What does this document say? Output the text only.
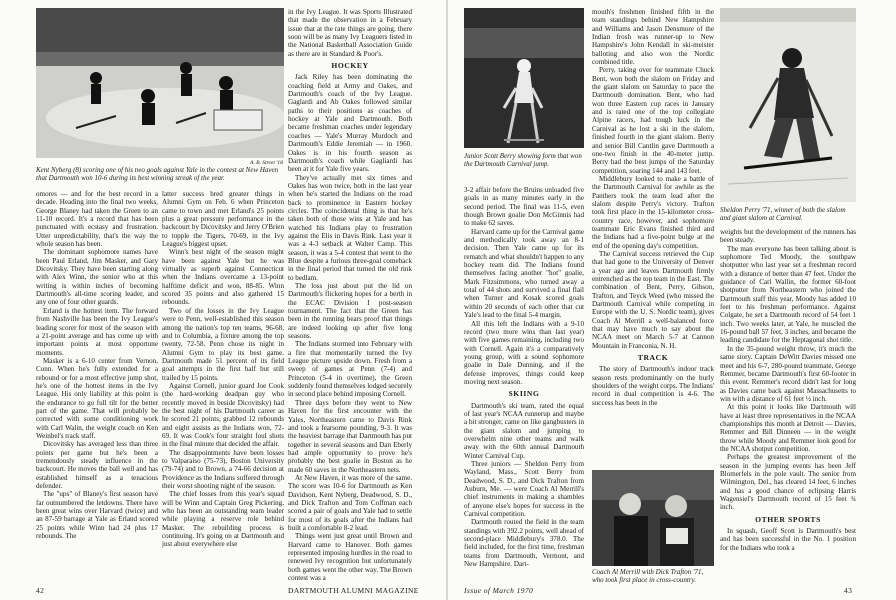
A. B. Street '18
Kent Nyberg (8) scoring one of his two goals against Yale in the contest at New Haven that Dartmouth won 10-6 during its best winning streak of the year.

omores — and for the best record in a decade. Heading into the final two weeks, George Blaney had taken the Green to an 11-10 record. It's a record that has been punctuated with ecstasy and frustration. Utter unpredictability, that's the way the whole season has been.

The dominant sophomore names have been Paul Erland, Jim Masker, and Gary Dicovitsky. They have been starting along with Alex Winn, the senior who at this writing is within inches of becoming Dartmouth's all-time scoring leader, and any one of four other guards.

Erland is the hottest item. The forward from Nashville has been the Ivy League's leading scorer for most of the season with a 21-point average and has come up with important points at most opportune moments.

Masker is a 6-10 center from Vernon, Conn. When he's fully extended for a rebound or for a most effective jump shot, he's one of the hottest items in the Ivy League. His only liability at this point is the endurance to go full tilt for the better part of the game. That will probably be corrected with some conditioning work with Carl Walin, the weight coach on Ken Weinbel's track staff.

Dicovitsky has averaged less than three points per game but he's been a tremendously steady influence in the backcourt. He moves the ball well and has established himself as a tenacious defender.

The "ups" of Blaney's first season have far outnumbered the letdowns. There have been great wins over Harvard (twice) and an 87-59 barrage at Yale as Erland scored 25 points while Winn had 24 plus 17 rebounds. The

latter success bred greater things in Alumni Gym on Feb. 6 when Princeton came to town and met Erland's 25 points plus a great pressure performance in the backcourt by Dicovitsky and Jerry O'Brien to topple the Tigers, 70-69, in the Ivy League's biggest upset.

Winn's best night of the season might have been against Yale but he was virtually as superb against Connecticut when the Indians overcame a 13-point halftime deficit and won, 88-85. Winn scored 35 points and also gathered 15 rebounds.

Two of the losses in the Ivy League were to Penn, well-established this season among the nation's top ten teams, 96-68, and to Columbia, a fixture among the top twenty, 72-58. Penn chose its night in Alumni Gym to play its best game. Dartmouth made 51 percent of its field goal attempts in the first half but still trailed by 15 points.

Against Cornell, junior guard Joe Cook (the hard-working deadpan guy who recently moved in beside Dicovitsky) had the best night of his Dartmouth career as he scored 21 points, grabbed 12 rebounds and eight assists as the Indians won, 72-69. It was Cook's four straight foul shots in the final minute that decided the affair.

The disappointments have been losses to Valparaiso (75-73), Boston University (79-74) and to Brown, a 74-66 decision at Providence as the Indians suffered through their worst shooting night of the season.

The chief losses from this year's squad will be Winn and Captain Greg Pickering, who has been an outstanding team leader while playing a reserve role behind Masker. The rebuilding process is continuing. It's going on at Dartmouth and just about everywhere else

in the Ivy League. It was Sports Illustrated that made the observation in a February issue that at the rate things are going, there soon will be as many Ivy Leaguers listed in the National Basketball Association Guide as there are in Standard & Poor's.

HOCKEY

Jack Riley has been dominating the coaching field at Army and Oakes, and Dartmouth's coach of the Ivy League. Gaglardi and Ab Oakes followed similar paths to their positions as coaches of hockey at Yale and Dartmouth. Both became freshman coaches under legendary coaches — Yale's Murray Murdoch and Dartmouth's Eddie Jeremiah — in 1960. Oakes is in his fourth season as Dartmouth's coach while Gagliardi has been at it for Yale five years.

They've actually met six times and Oakes has won twice, both in the last year when he's started the Indians on the road back to prominence in Eastern hockey circles. The coincidental thing is that he's taken both of those wins at Yale and has watched his Indians play to frustration against the Elis in Davis Rink. Last year it was a 4-3 setback at Walter Camp. This season, it was a 5-4 contest that went to the Blue despite a furious three-goal comeback in the final period that turned the old rink to bedlam.

The loss just about put the lid on Dartmouth's flickering hopes for a berth in the ECAC Division I post-season tournament. The fact that the Green has been in the running bears proof that things are indeed looking up after five long seasons.

The Indians stormed into February with a fire that momentarily turned the Ivy League picture upside down. Fresh from a sweep of games at Penn (7-4) and Princeton (5-4 in overtime), the Green suddenly found themselves lodged securely in second place behind imposing Cornell.

Three days before they went to New Haven for the first encounter with the Yales, Northeastern came to Davis Rink and took a fearsome pounding, 9-3. It was the heaviest barrage that Dartmouth has put together in several seasons and Dan Eberly had ample opportunity to prove he's probably the best goalie in Boston as he made 60 saves in the Northeastern nets.

At New Haven, it was more of the same. The score was 10-6 for Dartmouth as Ken Davidson, Kent Nyberg, Deadwood, S. D., and Dick Trafton and Tom Coffman each scored a pair of goals and Yale had to settle for most of its goals after the Indians had built a comfortable 8-2 lead.

Things went just great until Brown and Harvard came to Hanover. Both games represented imposing hurdles in the road to renewed Ivy recognition but unfortunately both games went the other way. The Brown contest was a

42	DARTMOUTH ALUMNI MAGAZINE
Junior Scott Berry showing form that won the Dartmouth Carnival jump.

3-2 affair before the Bruins unloaded five goals in as many minutes early in the second period. The final was 11-5, even though Brown goalie Don McGinnis had to make 62 saves.

Harvard came up for the Carnival game and methodically took away an 8-1 decision. Then Yale came up for its rematch and what shouldn't happen to any hockey team did. The Indians found themselves facing another "hot" goalie, Mark Fitzsimmons, who turned away a total of 44 shots and survived a final flail when Turner and Kosak scored goals within 20 seconds of each other that cut Yale's lead to the final 5-4 margin.

All this left the Indians with a 9-10 record (two more wins than last year) with five games remaining, including two with Cornell. Again it's a comparatively young group, with a sound sophomore goalie in Dale Dunning, and if the defense improves, things could keep moving next season.

SKIING

Dartmouth's ski team, rated the equal of last year's NCAA runnerup and maybe a bit stronger, came on like gangbusters in the giant slalom and jumping to overwhelm nine other teams and walk away with the 60th annual Dartmouth Winter Carnival Cup.

Three juniors — Sheldon Perry from Wayland, Mass., Scott Berry from Deadwood, S. D., and Dick Trafton from Auburn, Me. — were Coach Al Merrill's chief instruments in making a shambles of anyone else's hopes for success in the Carnival competition.

Dartmouth routed the field in the team standings with 392.2 points, well ahead of second-place Middlebury's 378.0. The field included, for the first time, freshman teams from Dartmouth, Vermont, and New Hampshire. Dart-

mouth's freshmen finished fifth in the team standings behind New Hampshire and Williams and Jason Densmore of the Indian frosh was runner-up to New Hampshire's John Kendall in ski-meister balloting and also won the Nordic combined title.

Perry, taking over for teammate Chuck Bent, won both the slalom on Friday and the giant slalom on Saturday to pace the Dartmouth domination. Bent, who had won three Eastern cup races in January and is rated one of the top collegiate Alpine racers, had tough luck in the Carnival as he lost a ski in the slalom, finished fourth in the giant slalom. Berry and senior Bill Cantlin gave Dartmouth a one-two finish in the 40-meter jump. Berry had the best jumps of the Saturday competition, soaring 144 and 143 feet.

Middlebury looked to make a battle of the Dartmouth Carnival for awhile as the Panthers took the team lead after the slalom despite Perry's victory. Trafton took first place in the 15-kilometer cross-country race, however, and sophomore teammate Eric Evans finished third and the Indians had a five-point bulge at the end of the opening day's competition.

The Carnival success retrieved the Cup that had gone to the University of Denver a year ago and leaves Dartmouth firmly entrenched as the top team in the East. The combination of Bent, Perry, Gibson, Trafton, and Teyck Weed (who missed the Dartmouth Carnival while competing in Europe with the U. S. Nordic team), gives Coach Al Merrill a well-balanced force that may have much to say about the NCAA meet on March 5-7 at Cannon Mountain in Franconia, N. H.

TRACK

The story of Dartmouth's indoor track season rests predominantly on the burly shoulders of the weight corps. The Indians' record in dual competition is 4-6. The success has been in the

Coach Al Merrill with Dick Trafton '71, who took first place in cross-country.
Sheldon Perry '71, winner of both the slalom and giant slalom at Carnival.

weights but the development of the runners has been steady.

The man everyone has been talking about is sophomore Ted Moody, the southpaw shotputter who last year set a freshman record with a distance of better than 47 feet. Under the guidance of Carl Wallin, the former 60-foot shotputter from Northeastern who joined the Dartmouth staff this year, Moody has added 10 feet to his freshman performance. Against Colgate, he set a Dartmouth record of 54 feet 1 inch. Two weeks later, at Yale, he muscled the 16-pound ball 57 feet, 3 inches, and became the leading candidate for the Heptagonal shot title.

In the 35-pound weight throw, it's much the same story. Captain DeWitt Davies missed one meet and his 6-7, 280-pound teammate, George Remmer, became Dartmouth's first 60-footer in this event. Remmer's record didn't last for long as Davies came back against Massachusetts to win with a distance of 61 feet ½ inch.

At this point it looks like Dartmouth will have at least three representatives in the NCAA championships this month at Detroit — Davies, Remmer and Bill Dinneen — in the weight throw while Moody and Remmer look good for the NCAA shotput competition.

Perhaps the greatest improvement of the season in the jumping events has been Jeff Blomerfels in the pole vault. The senior from Wilmington, Del., has cleared 14 feet, 6 inches and has a good chance of eclipsing Harris Wagensiel's Dartmouth record of 15 feet ¾ inch.

OTHER SPORTS

In squash, Geoff Scott is Dartmouth's best and has been successful in the No. 1 position for the Indians who took a

Issue of March 1970	43
